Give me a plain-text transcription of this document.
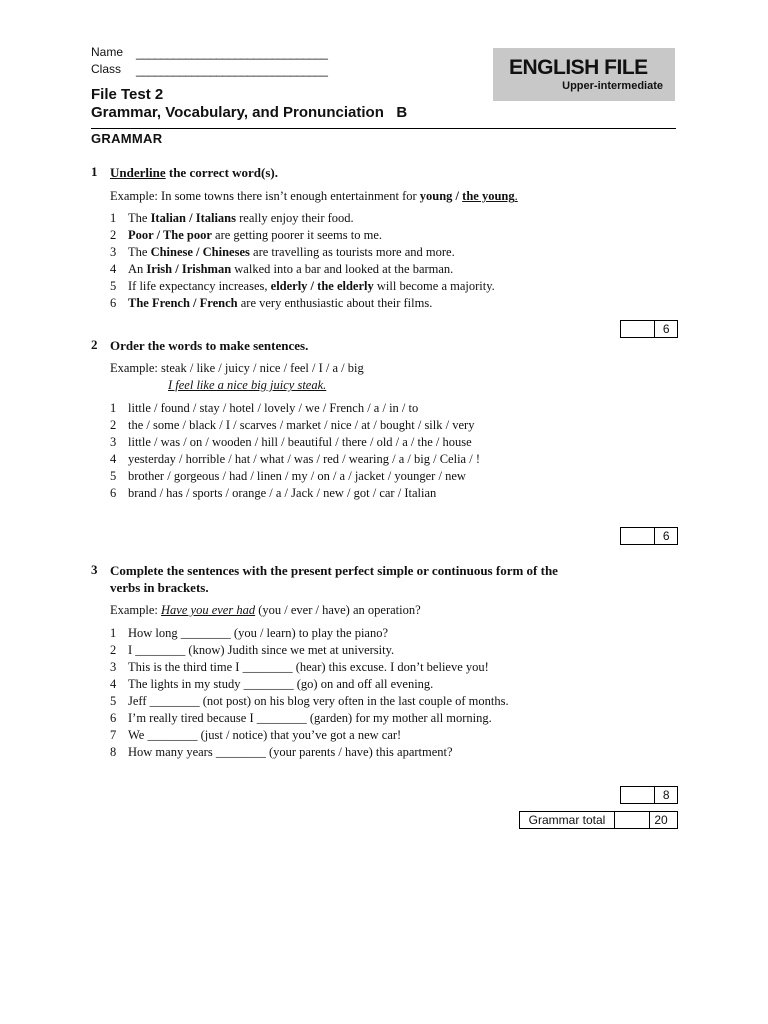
Name _______________________________
Class _______________________________	ENGLISH FILE
Upper-intermediate
File Test 2
Grammar, Vocabulary, and Pronunciation B
GRAMMAR
1 Underline the correct word(s).
Example: In some towns there isn’t enough entertainment for young / the young.
1 The Italian / Italians really enjoy their food.
2 Poor / The poor are getting poorer it seems to me.
3 The Chinese / Chineses are travelling as tourists more and more.
4 An Irish / Irishman walked into a bar and looked at the barman.
5 If life expectancy increases, elderly / the elderly will become a majority.
6 The French / French are very enthusiastic about their films.
6
2 Order the words to make sentences.
Example: steak / like / juicy / nice / feel / I / a / big
I feel like a nice big juicy steak.
1 little / found / stay / hotel / lovely / we / French / a / in / to
2 the / some / black / I / scarves / market / nice / at / bought / silk / very
3 little / was / on / wooden / hill / beautiful / there / old / a / the / house
4 yesterday / horrible / hat / what / was / red / wearing / a / big / Celia / !
5 brother / gorgeous / had / linen / my / on / a / jacket / younger / new
6 brand / has / sports / orange / a / Jack / new / got / car / Italian
6
3 Complete the sentences with the present perfect simple or continuous form of the
verbs in brackets.
Example: Have you ever had (you / ever / have) an operation?
1 How long ________ (you / learn) to play the piano?
2 I ________ (know) Judith since we met at university.
3 This is the third time I ________ (hear) this excuse. I don’t believe you!
4 The lights in my study ________ (go) on and off all evening.
5 Jeff ________ (not post) on his blog very often in the last couple of months.
6 I’m really tired because I ________ (garden) for my mother all morning.
7 We ________ (just / notice) that you’ve got a new car!
8 How many years ________ (your parents / have) this apartment?
8
Grammar total	20
